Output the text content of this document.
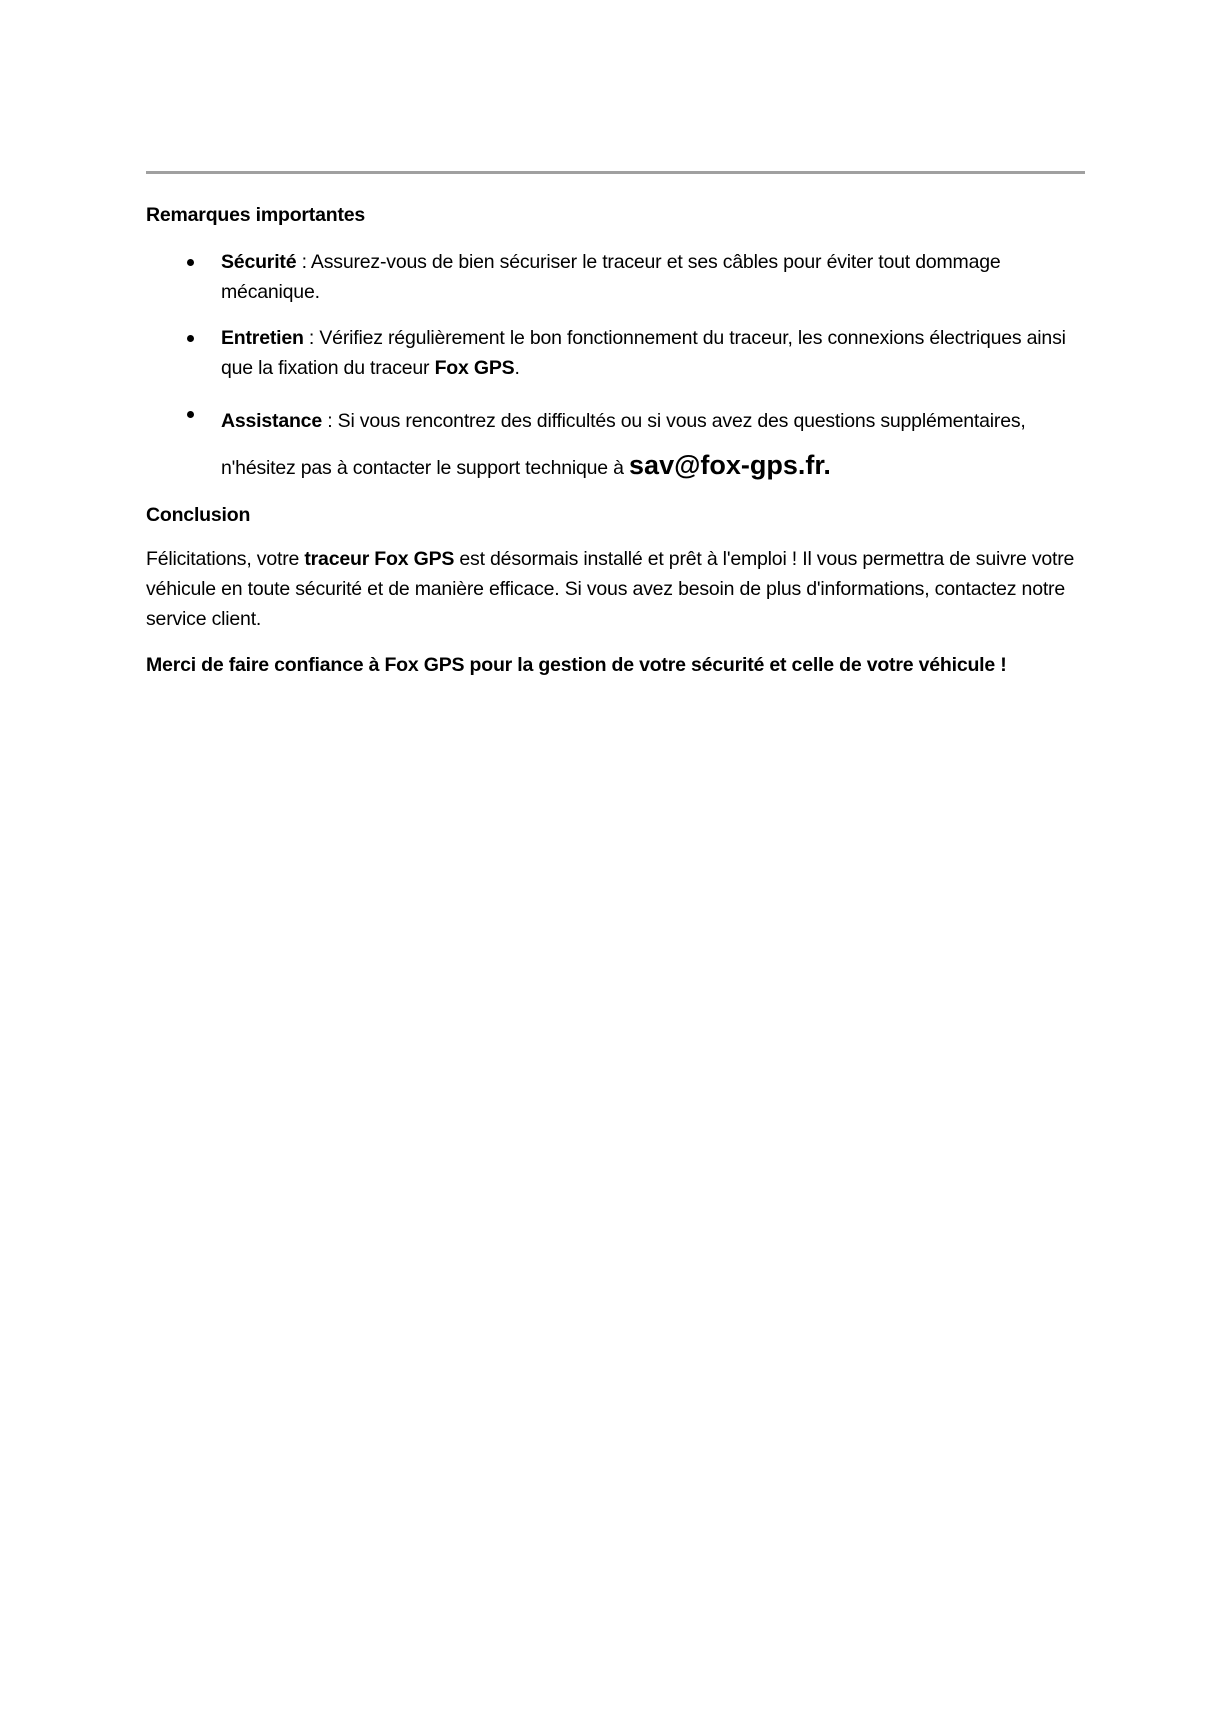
Remarques importantes

Sécurité : Assurez-vous de bien sécuriser le traceur et ses câbles pour éviter tout dommage mécanique.
Entretien : Vérifiez régulièrement le bon fonctionnement du traceur, les connexions électriques ainsi que la fixation du traceur Fox GPS.
Assistance : Si vous rencontrez des difficultés ou si vous avez des questions supplémentaires, n'hésitez pas à contacter le support technique à sav@fox-gps.fr.

Conclusion

Félicitations, votre traceur Fox GPS est désormais installé et prêt à l'emploi ! Il vous permettra de suivre votre véhicule en toute sécurité et de manière efficace. Si vous avez besoin de plus d'informations, contactez notre service client.

Merci de faire confiance à Fox GPS pour la gestion de votre sécurité et celle de votre véhicule !
